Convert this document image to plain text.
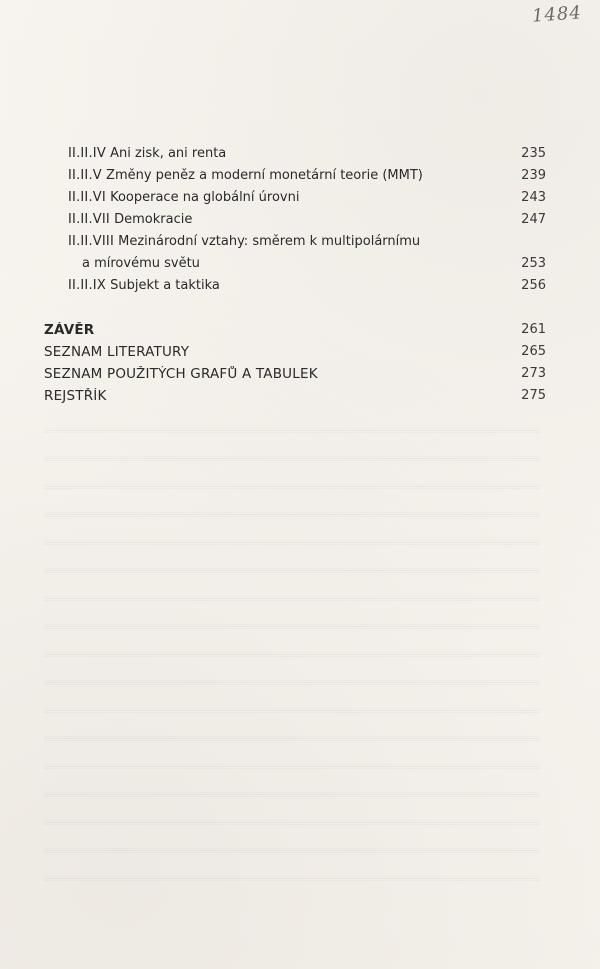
1484
II.II.IV Ani zisk, ani renta	235
II.II.V Změny peněz a moderní monetární teorie (MMT)	239
II.II.VI Kooperace na globální úrovni	243
II.II.VII Demokracie	247
II.II.VIII Mezinárodní vztahy: směrem k multipolárnímu
a mírovému světu	253
II.II.IX Subjekt a taktika	256
ZÁVĚR	261
SEZNAM LITERATURY	265
SEZNAM POUŽITÝCH GRAFŮ A TABULEK	273
REJSTŘÍK	275
